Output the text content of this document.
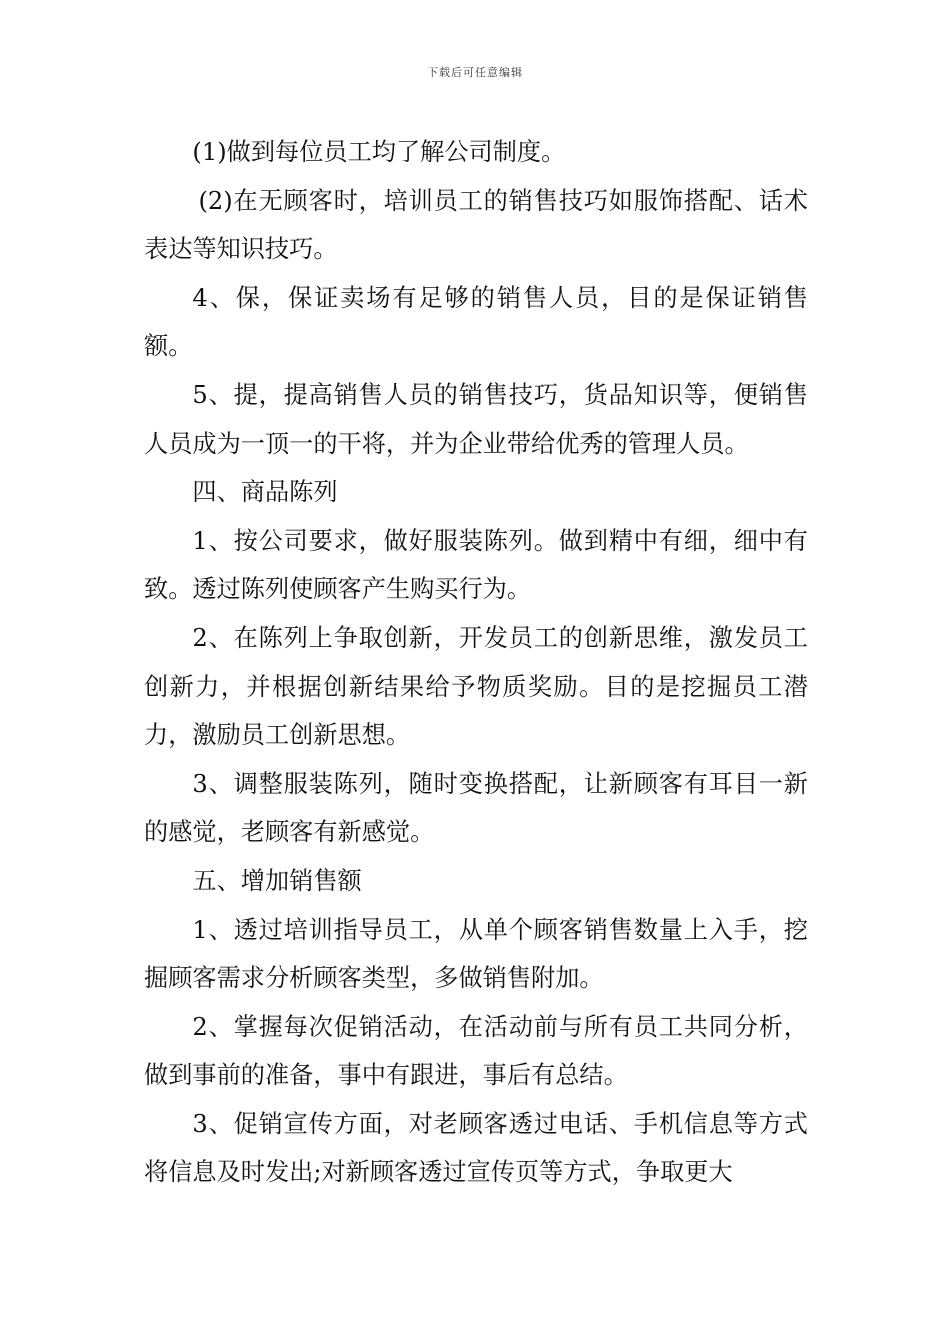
下载后可任意编辑

(1)做到每位员工均了解公司制度。

(2)在无顾客时，培训员工的销售技巧如服饰搭配、话术表达等知识技巧。

4、保，保证卖场有足够的销售人员，目的是保证销售额。

5、提，提高销售人员的销售技巧，货品知识等，便销售人员成为一顶一的干将，并为企业带给优秀的管理人员。

四、商品陈列

1、按公司要求，做好服装陈列。做到精中有细，细中有致。透过陈列使顾客产生购买行为。

2、在陈列上争取创新，开发员工的创新思维，激发员工创新力，并根据创新结果给予物质奖励。目的是挖掘员工潜力，激励员工创新思想。

3、调整服装陈列，随时变换搭配，让新顾客有耳目一新的感觉，老顾客有新感觉。

五、增加销售额

1、透过培训指导员工，从单个顾客销售数量上入手，挖掘顾客需求分析顾客类型，多做销售附加。

2、掌握每次促销活动，在活动前与所有员工共同分析，做到事前的准备，事中有跟进，事后有总结。

3、促销宣传方面，对老顾客透过电话、手机信息等方式将信息及时发出;对新顾客透过宣传页等方式，争取更大
